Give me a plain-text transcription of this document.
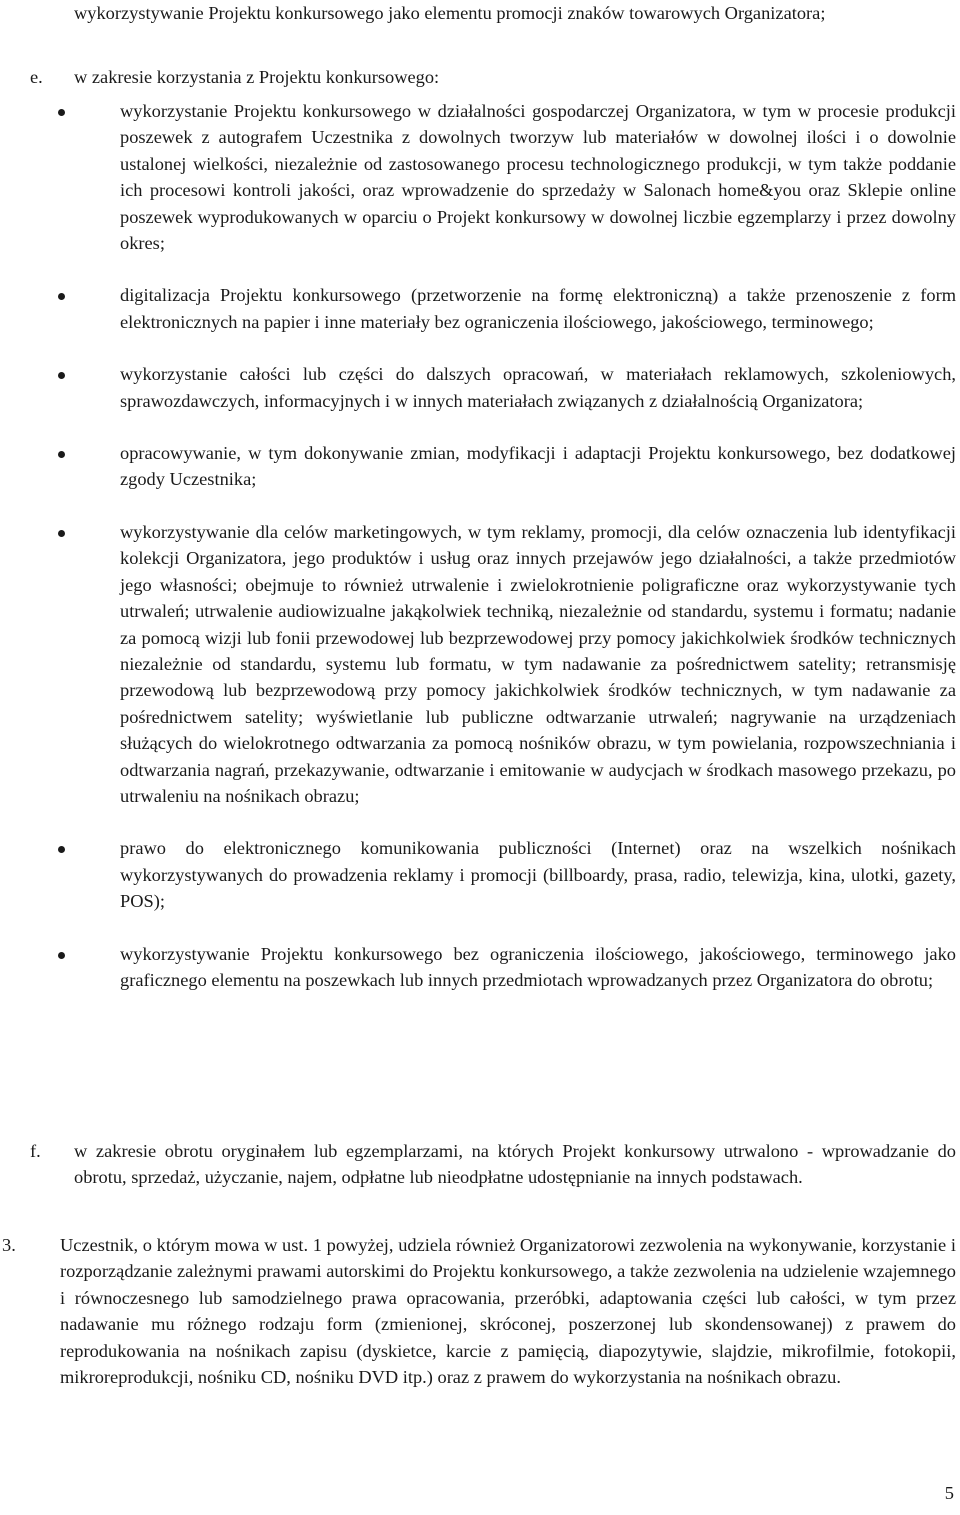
wykorzystywanie Projektu konkursowego jako elementu promocji znaków towarowych Organizatora;
e. w zakresie korzystania z Projektu konkursowego:
wykorzystanie Projektu konkursowego w działalności gospodarczej Organizatora, w tym w procesie produkcji poszewek z autografem Uczestnika z dowolnych tworzyw lub materiałów w dowolnej ilości i o dowolnie ustalonej wielkości, niezależnie od zastosowanego procesu technologicznego produkcji, w tym także poddanie ich procesowi kontroli jakości, oraz wprowadzenie do sprzedaży w Salonach home&you oraz Sklepie online poszewek wyprodukowanych w oparciu o Projekt konkursowy w dowolnej liczbie egzemplarzy i przez dowolny okres;
digitalizacja Projektu konkursowego (przetworzenie na formę elektroniczną) a także przenoszenie z form elektronicznych na papier i inne materiały bez ograniczenia ilościowego, jakościowego, terminowego;
wykorzystanie całości lub części do dalszych opracowań, w materiałach reklamowych, szkoleniowych, sprawozdawczych, informacyjnych i w innych materiałach związanych z działalnością Organizatora;
opracowywanie, w tym dokonywanie zmian, modyfikacji i adaptacji Projektu konkursowego, bez dodatkowej zgody Uczestnika;
wykorzystywanie dla celów marketingowych, w tym reklamy, promocji, dla celów oznaczenia lub identyfikacji kolekcji Organizatora, jego produktów i usług oraz innych przejawów jego działalności, a także przedmiotów jego własności; obejmuje to również utrwalenie i zwielokrotnienie poligraficzne oraz wykorzystywanie tych utrwaleń; utrwalenie audiowizualne jakąkolwiek techniką, niezależnie od standardu, systemu i formatu; nadanie za pomocą wizji lub fonii przewodowej lub bezprzewodowej przy pomocy jakichkolwiek środków technicznych niezależnie od standardu, systemu lub formatu, w tym nadawanie za pośrednictwem satelity; retransmisję przewodową lub bezprzewodową przy pomocy jakichkolwiek środków technicznych, w tym nadawanie za pośrednictwem satelity; wyświetlanie lub publiczne odtwarzanie utrwaleń; nagrywanie na urządzeniach służących do wielokrotnego odtwarzania za pomocą nośników obrazu, w tym powielania, rozpowszechniania i odtwarzania nagrań, przekazywanie, odtwarzanie i emitowanie w audycjach w środkach masowego przekazu, po utrwaleniu na nośnikach obrazu;
prawo do elektronicznego komunikowania publiczności (Internet) oraz na wszelkich nośnikach wykorzystywanych do prowadzenia reklamy i promocji (billboardy, prasa, radio, telewizja, kina, ulotki, gazety, POS);
wykorzystywanie Projektu konkursowego bez ograniczenia ilościowego, jakościowego, terminowego jako graficznego elementu na poszewkach lub innych przedmiotach wprowadzanych przez Organizatora do obrotu;
f. w zakresie obrotu oryginałem lub egzemplarzami, na których Projekt konkursowy utrwalono - wprowadzanie do obrotu, sprzedaż, użyczanie, najem, odpłatne lub nieodpłatne udostępnianie na innych podstawach.
3. Uczestnik, o którym mowa w ust. 1 powyżej, udziela również Organizatorowi zezwolenia na wykonywanie, korzystanie i rozporządzanie zależnymi prawami autorskimi do Projektu konkursowego, a także zezwolenia na udzielenie wzajemnego i równoczesnego lub samodzielnego prawa opracowania, przeróbki, adaptowania części lub całości, w tym przez nadawanie mu różnego rodzaju form (zmienionej, skróconej, poszerzonej lub skondensowanej) z prawem do reprodukowania na nośnikach zapisu (dyskietce, karcie z pamięcią, diapozytywie, slajdzie, mikrofilmie, fotokopii, mikroreprodukcji, nośniku CD, nośniku DVD itp.) oraz z prawem do wykorzystania na nośnikach obrazu.
5
